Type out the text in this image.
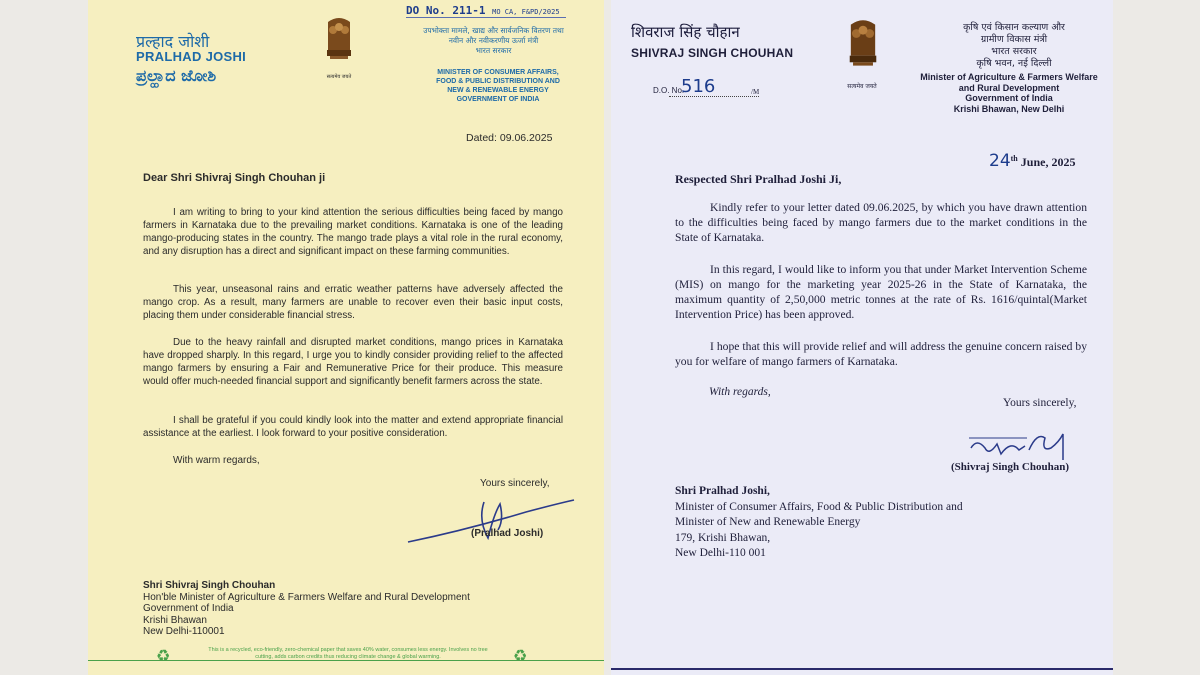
प्रल्हाद जोशी
PRALHAD JOSHI
ಪ್ರಲ್ಹಾದ ಜೋಶಿ	सत्यमेव जयते
DO No. 211-1 MO CA, F&PD/2025
उपभोक्ता मामले, खाद्य और सार्वजनिक वितरण तथा
नवीन और नवीकरणीय ऊर्जा मंत्री
भारत सरकार
MINISTER OF CONSUMER AFFAIRS,
FOOD & PUBLIC DISTRIBUTION AND
NEW & RENEWABLE ENERGY
GOVERNMENT OF INDIA
Dated: 09.06.2025
Dear Shri Shivraj Singh Chouhan ji
I am writing to bring to your kind attention the serious difficulties being faced by mango farmers in Karnataka due to the prevailing market conditions. Karnataka is one of the leading mango-producing states in the country. The mango trade plays a vital role in the rural economy, and any disruption has a direct and significant impact on these farming communities.
This year, unseasonal rains and erratic weather patterns have adversely affected the mango crop. As a result, many farmers are unable to recover even their basic input costs, placing them under considerable financial stress.
Due to the heavy rainfall and disrupted market conditions, mango prices in Karnataka have dropped sharply. In this regard, I urge you to kindly consider providing relief to the affected mango farmers by ensuring a Fair and Remunerative Price for their produce. This measure would offer much-needed financial support and significantly benefit farmers across the state.
I shall be grateful if you could kindly look into the matter and extend appropriate financial assistance at the earliest. I look forward to your positive consideration.
With warm regards,
Yours sincerely,
(Pralhad Joshi)
Shri Shivraj Singh Chouhan
Hon'ble Minister of Agriculture & Farmers Welfare and Rural Development
Government of India
Krishi Bhawan
New Delhi-110001
♻	This is a recycled, eco-friendly, zero-chemical paper that saves 40% water, consumes less energy. Involves no tree cutting, adds carbon credits thus reducing climate change & global warming.	♻
शिवराज सिंह चौहान
SHIVRAJ SINGH CHOUHAN
सत्यमेव जयते
कृषि एवं किसान कल्याण और
ग्रामीण विकास मंत्री
भारत सरकार
कृषि भवन, नई दिल्ली
Minister of Agriculture & Farmers Welfare
and Rural Development
Government of India
Krishi Bhawan, New Delhi
D.O. No.
516	/M
24th June, 2025
Respected Shri Pralhad Joshi Ji,
Kindly refer to your letter dated 09.06.2025, by which you have drawn attention to the difficulties being faced by mango farmers due to the market conditions in the State of Karnataka.
In this regard, I would like to inform you that under Market Intervention Scheme (MIS) on mango for the marketing year 2025-26 in the State of Karnataka, the maximum quantity of 2,50,000 metric tonnes at the rate of Rs. 1616/quintal(Market Intervention Price) has been approved.
I hope that this will provide relief and will address the genuine concern raised by you for welfare of mango farmers of Karnataka.
With regards,
Yours sincerely,
(Shivraj Singh Chouhan)
Shri Pralhad Joshi,
Minister of Consumer Affairs, Food & Public Distribution and
Minister of New and Renewable Energy
179, Krishi Bhawan,
New Delhi-110 001
